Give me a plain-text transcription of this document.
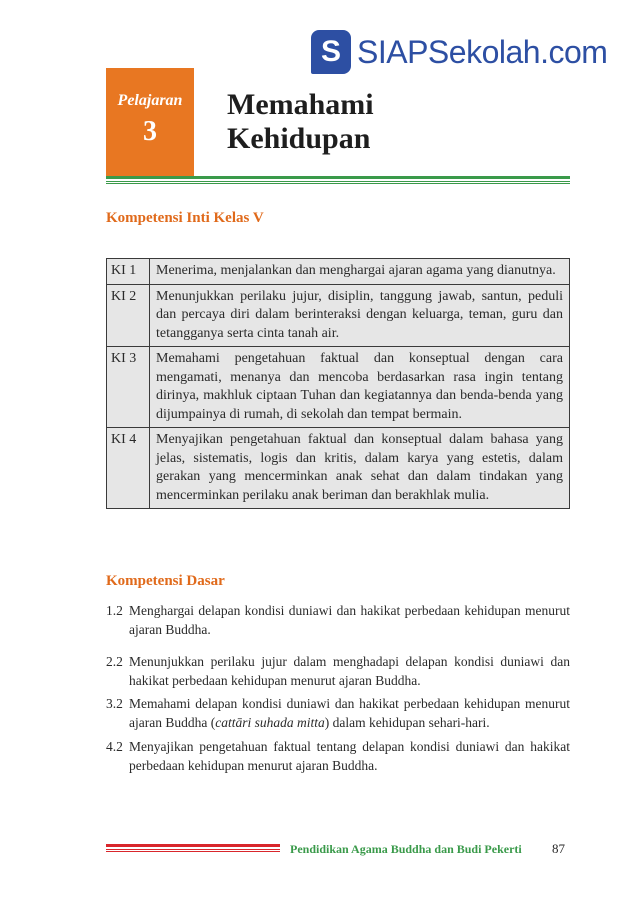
S SIAPSekolah.com
Pelajaran
3
Memahami
Kehidupan
Kompetensi Inti Kelas V
KI 1	Menerima, menjalankan dan menghargai ajaran agama yang dianutnya.
KI 2	Menunjukkan perilaku jujur, disiplin, tanggung jawab, santun, peduli dan percaya diri dalam berinteraksi dengan keluarga, teman, guru dan tetangganya serta cinta tanah air.
KI 3	Memahami pengetahuan faktual dan konseptual dengan cara mengamati, menanya dan mencoba berdasarkan rasa ingin tentang dirinya, makhluk ciptaan Tuhan dan kegiatannya dan benda-benda yang dijumpainya di rumah, di sekolah dan tempat bermain.
KI 4	Menyajikan pengetahuan faktual dan konseptual dalam bahasa yang jelas, sistematis, logis dan kritis, dalam karya yang estetis, dalam gerakan yang mencerminkan anak sehat dan dalam tindakan yang mencerminkan perilaku anak beriman dan berakhlak mulia.
Kompetensi Dasar
1.2 Menghargai delapan kondisi duniawi dan hakikat perbedaan kehidupan menurut ajaran Buddha.
2.2 Menunjukkan perilaku jujur dalam menghadapi delapan kondisi duniawi dan hakikat perbedaan kehidupan menurut ajaran Buddha.
3.2 Memahami delapan kondisi duniawi dan hakikat perbedaan kehidupan menurut ajaran Buddha (cattāri suhada mitta) dalam kehidupan sehari-hari.
4.2 Menyajikan pengetahuan faktual tentang delapan kondisi duniawi dan hakikat perbedaan kehidupan menurut ajaran Buddha.
Pendidikan Agama Buddha dan Budi Pekerti 87
